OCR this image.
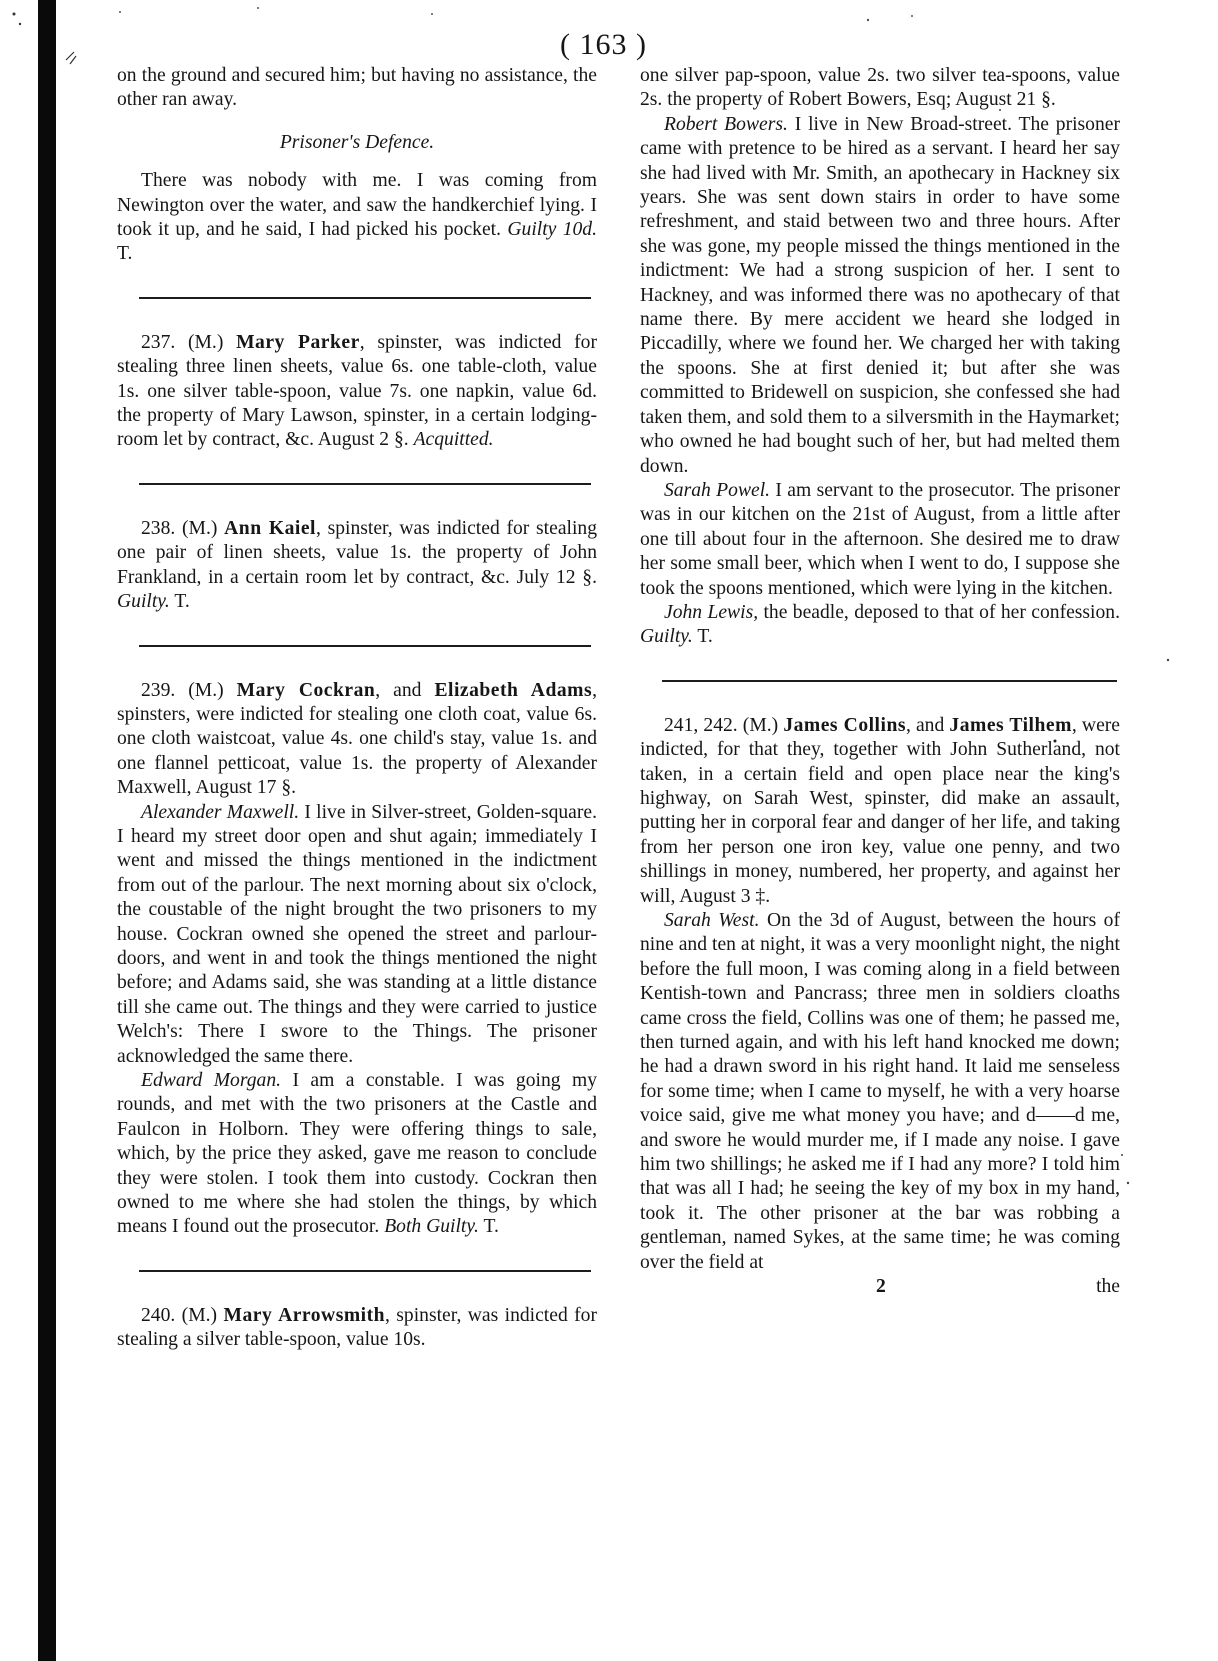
( 163 )

on the ground and secured him; but having no assistance, the other ran away.

Prisoner's Defence.

There was nobody with me. I was coming from Newington over the water, and saw the handkerchief lying. I took it up, and he said, I had picked his pocket. Guilty 10d. T.

237. (M.) Mary Parker, spinster, was indicted for stealing three linen sheets, value 6s. one table-cloth, value 1s. one silver table-spoon, value 7s. one napkin, value 6d. the property of Mary Lawson, spinster, in a certain lodging-room let by contract, &c. August 2 §. Acquitted.

238. (M.) Ann Kaiel, spinster, was indicted for stealing one pair of linen sheets, value 1s. the property of John Frankland, in a certain room let by contract, &c. July 12 §. Guilty. T.

239. (M.) Mary Cockran, and Elizabeth Adams, spinsters, were indicted for stealing one cloth coat, value 6s. one cloth waistcoat, value 4s. one child's stay, value 1s. and one flannel petticoat, value 1s. the property of Alexander Maxwell, August 17 §.

Alexander Maxwell. I live in Silver-street, Golden-square. I heard my street door open and shut again; immediately I went and missed the things mentioned in the indictment from out of the parlour. The next morning about six o'clock, the coustable of the night brought the two prisoners to my house. Cockran owned she opened the street and parlour-doors, and went in and took the things mentioned the night before; and Adams said, she was standing at a little distance till she came out. The things and they were carried to justice Welch's: There I swore to the Things. The prisoner acknowledged the same there.

Edward Morgan. I am a constable. I was going my rounds, and met with the two prisoners at the Castle and Faulcon in Holborn. They were offering things to sale, which, by the price they asked, gave me reason to conclude they were stolen. I took them into custody. Cockran then owned to me where she had stolen the things, by which means I found out the prosecutor. Both Guilty. T.

240. (M.) Mary Arrowsmith, spinster, was indicted for stealing a silver table-spoon, value 10s.

one silver pap-spoon, value 2s. two silver tea-spoons, value 2s. the property of Robert Bowers, Esq; August 21 §.

Robert Bowers. I live in New Broad-street. The prisoner came with pretence to be hired as a servant. I heard her say she had lived with Mr. Smith, an apothecary in Hackney six years. She was sent down stairs in order to have some refreshment, and staid between two and three hours. After she was gone, my people missed the things mentioned in the indictment: We had a strong suspicion of her. I sent to Hackney, and was informed there was no apothecary of that name there. By mere accident we heard she lodged in Piccadilly, where we found her. We charged her with taking the spoons. She at first denied it; but after she was committed to Bridewell on suspicion, she confessed she had taken them, and sold them to a silversmith in the Haymarket; who owned he had bought such of her, but had melted them down.

Sarah Powel. I am servant to the prosecutor. The prisoner was in our kitchen on the 21st of August, from a little after one till about four in the afternoon. She desired me to draw her some small beer, which when I went to do, I suppose she took the spoons mentioned, which were lying in the kitchen.

John Lewis, the beadle, deposed to that of her confession. Guilty. T.

241, 242. (M.) James Collins, and James Tilhem, were indicted, for that they, together with John Sutherland, not taken, in a certain field and open place near the king's highway, on Sarah West, spinster, did make an assault, putting her in corporal fear and danger of her life, and taking from her person one iron key, value one penny, and two shillings in money, numbered, her property, and against her will, August 3 ‡.

Sarah West. On the 3d of August, between the hours of nine and ten at night, it was a very moonlight night, the night before the full moon, I was coming along in a field between Kentish-town and Pancrass; three men in soldiers cloaths came cross the field, Collins was one of them; he passed me, then turned again, and with his left hand knocked me down; he had a drawn sword in his right hand. It laid me senseless for some time; when I came to myself, he with a very hoarse voice said, give me what money you have; and d——d me, and swore he would murder me, if I made any noise. I gave him two shillings; he asked me if I had any more? I told him that was all I had; he seeing the key of my box in my hand, took it. The other prisoner at the bar was robbing a gentleman, named Sykes, at the same time; he was coming over the field at

2	the
